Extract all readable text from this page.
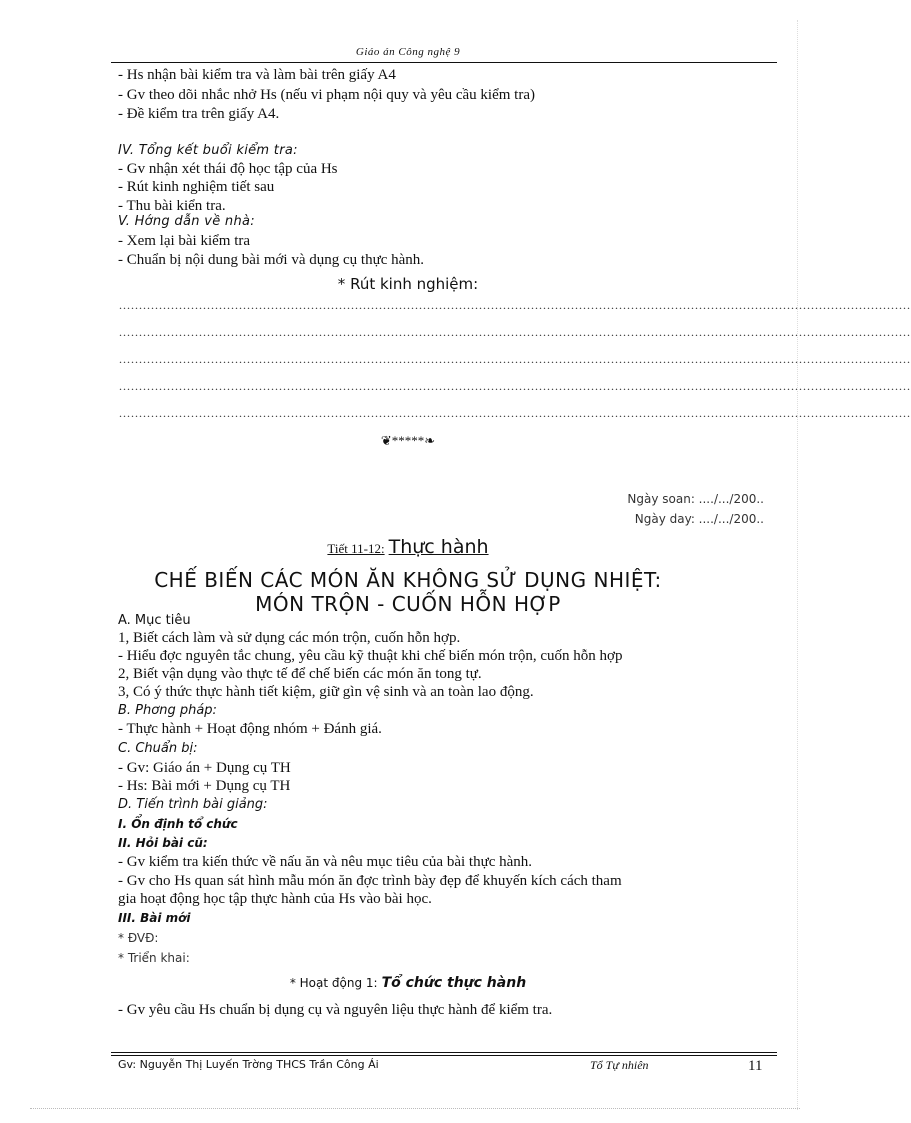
Giáo án Công nghệ 9
- Hs nhận bài kiểm tra và làm bài trên giấy A4
- Gv theo dõi nhắc nhở Hs (nếu vi phạm nội quy và yêu cầu kiểm tra)
- Đề kiểm tra trên giấy A4.
IV. Tổng kết buổi kiểm tra:
- Gv nhận xét thái độ học tập của Hs
- Rút kinh nghiệm tiết sau
- Thu bài kiển tra.
V. Hớng dẫn về nhà:
- Xem lại bài kiểm tra
- Chuẩn bị nội dung bài mới và dụng cụ thực hành.
* Rút kinh nghiệm:
......................................................................................................................................................................................................
......................................................................................................................................................................................................
......................................................................................................................................................................................................
......................................................................................................................................................................................................
......................................................................................................................................................................................................
❦*****❧
Ngày soan: ..../.../200..
Ngày day: ..../.../200..
Tiết 11-12: Thực hành
CHẾ BIẾN CÁC MÓN ĂN KHÔNG SỬ DỤNG NHIỆT:
MÓN TRỘN - CUỐN HỖN HỢP
A. Mục tiêu
1, Biết cách làm và sử dụng các món trộn, cuốn hỗn hợp.
- Hiểu đợc nguyên tắc chung, yêu cầu kỹ thuật khi chế biến món trộn, cuốn hỗn hợp
2, Biết vận dụng vào thực tế để chế biến các món ăn tong tự.
3, Có ý thức thực hành tiết kiệm, giữ gìn vệ sinh và an toàn lao động.
B. Phơng pháp:
- Thực hành + Hoạt động nhóm + Đánh giá.
C. Chuẩn bị:
- Gv: Giáo án + Dụng cụ TH
- Hs: Bài mới + Dụng cụ TH
D. Tiến trình bài giảng:
I. Ổn định tổ chức
II. Hỏi bài cũ:
- Gv kiểm tra kiến thức về nấu ăn và nêu mục tiêu của bài thực hành.
- Gv cho Hs quan sát hình mẫu món ăn đợc trình bày đẹp để khuyến kích cách tham
gia hoạt động học tập thực hành của Hs vào bài học.
III. Bài mới
* ĐVĐ:
* Triển khai:
* Hoạt động 1: Tổ chức thực hành
- Gv yêu cầu Hs chuẩn bị dụng cụ và nguyên liệu thực hành để kiểm tra.
Gv: Nguyễn Thị Luyến Trờng THCS Trần Công Ái	Tổ Tự nhiên	11
